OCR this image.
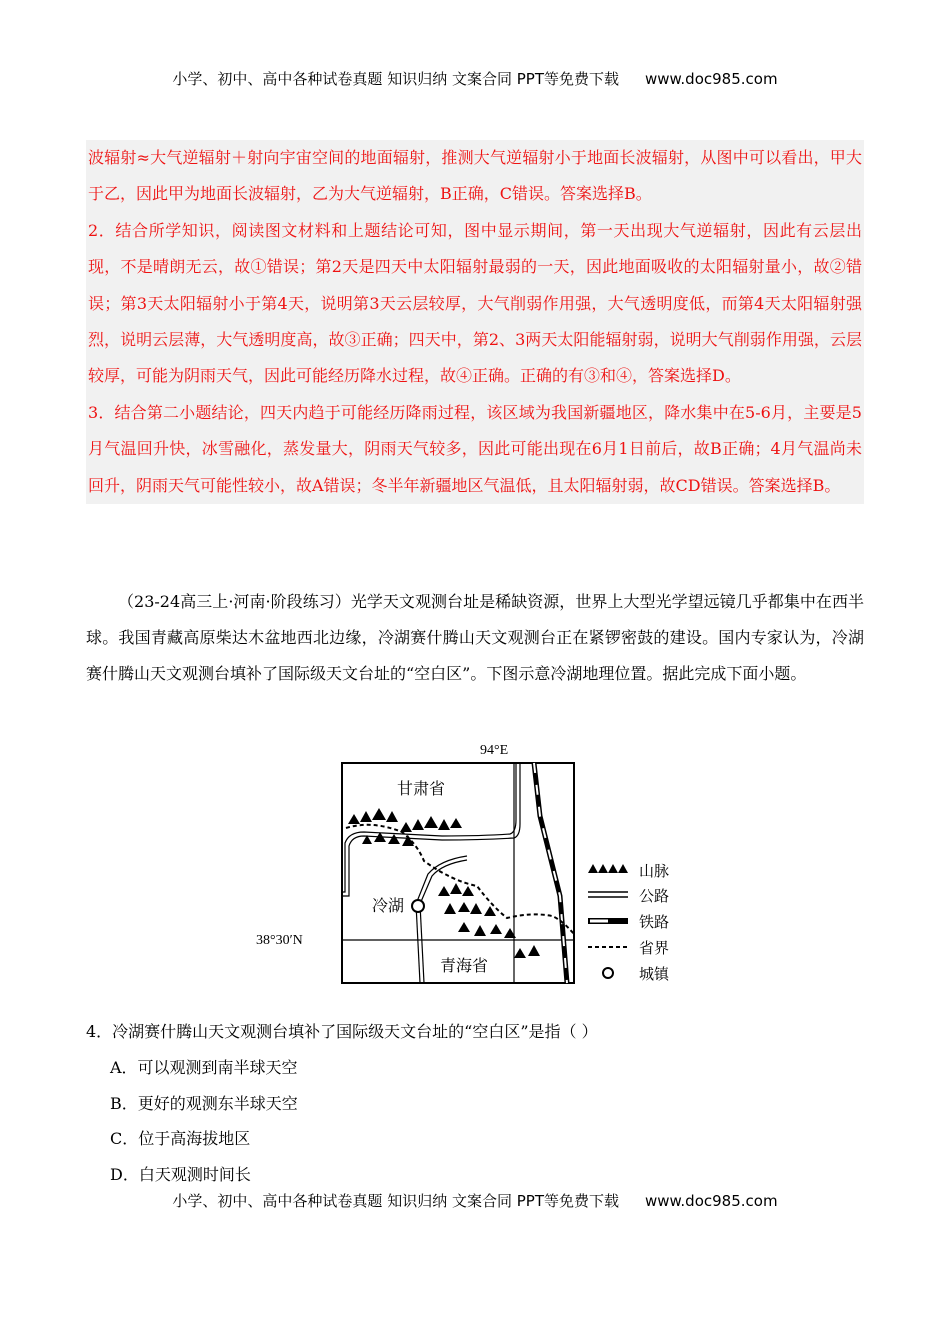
小学、初中、高中各种试卷真题 知识归纳 文案合同 PPT等免费下载 www.doc985.com

波辐射≈大气逆辐射＋射向宇宙空间的地面辐射，推测大气逆辐射小于地面长波辐射，从图中可以看出，甲大于乙，因此甲为地面长波辐射，乙为大气逆辐射，B正确，C错误。答案选择B。

2．结合所学知识，阅读图文材料和上题结论可知，图中显示期间，第一天出现大气逆辐射，因此有云层出现，不是晴朗无云，故①错误；第2天是四天中太阳辐射最弱的一天，因此地面吸收的太阳辐射量小，故②错误；第3天太阳辐射小于第4天，说明第3天云层较厚，大气削弱作用强，大气透明度低，而第4天太阳辐射强烈，说明云层薄，大气透明度高，故③正确；四天中，第2、3两天太阳能辐射弱，说明大气削弱作用强，云层较厚，可能为阴雨天气，因此可能经历降水过程，故④正确。正确的有③和④，答案选择D。

3．结合第二小题结论，四天内趋于可能经历降雨过程，该区域为我国新疆地区，降水集中在5-6月，主要是5月气温回升快，冰雪融化，蒸发量大，阴雨天气较多，因此可能出现在6月1日前后，故B正确；4月气温尚未回升，阴雨天气可能性较小，故A错误；冬半年新疆地区气温低，且太阳辐射弱，故CD错误。答案选择B。

（23-24高三上·河南·阶段练习）光学天文观测台址是稀缺资源，世界上大型光学望远镜几乎都集中在西半球。我国青藏高原柴达木盆地西北边缘，冷湖赛什腾山天文观测台正在紧锣密鼓的建设。国内专家认为，冷湖赛什腾山天文观测台填补了国际级天文台址的“空白区”。下图示意冷湖地理位置。据此完成下面小题。
94°E
38°30′N
甘肃省
青海省
冷湖
山脉
公路
铁路
省界
城镇
4．冷湖赛什腾山天文观测台填补了国际级天文台址的“空白区”是指（ ）
A．可以观测到南半球天空
B．更好的观测东半球天空
C．位于高海拔地区
D．白天观测时间长
小学、初中、高中各种试卷真题 知识归纳 文案合同 PPT等免费下载 www.doc985.com
